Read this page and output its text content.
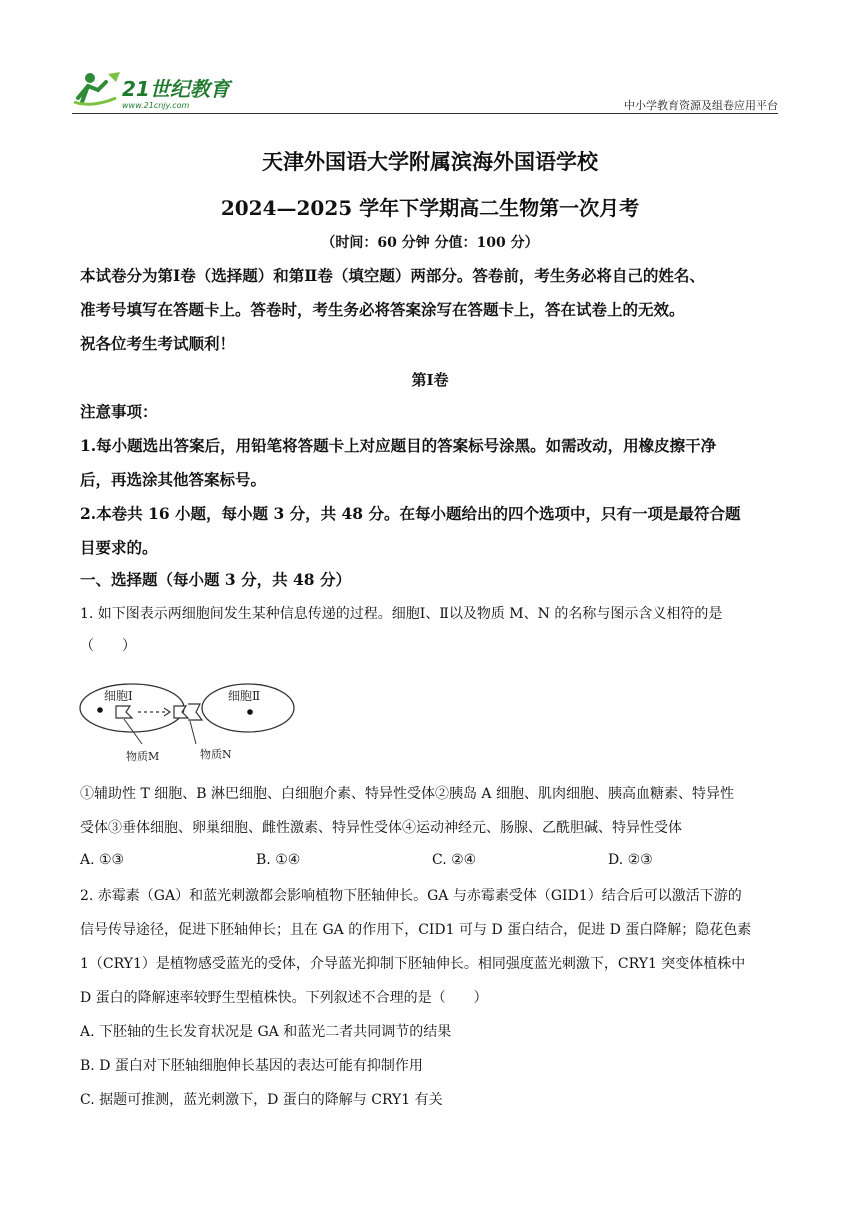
21世纪教育
www.21cnjy.com	中小学教育资源及组卷应用平台
天津外国语大学附属滨海外国语学校
2024—2025 学年下学期高二生物第一次月考
（时间：60 分钟 分值：100 分）
本试卷分为第Ⅰ卷（选择题）和第Ⅱ卷（填空题）两部分。答卷前，考生务必将自己的姓名、
准考号填写在答题卡上。答卷时，考生务必将答案涂写在答题卡上，答在试卷上的无效。
祝各位考生考试顺利！
第Ⅰ卷
注意事项：
1.每小题选出答案后，用铅笔将答题卡上对应题目的答案标号涂黑。如需改动，用橡皮擦干净
后，再选涂其他答案标号。
2.本卷共 16 小题，每小题 3 分，共 48 分。在每小题给出的四个选项中，只有一项是最符合题
目要求的。
一、选择题（每小题 3 分，共 48 分）
1. 如下图表示两细胞间发生某种信息传递的过程。细胞Ⅰ、Ⅱ以及物质 M、N 的名称与图示含义相符的是
（　　）
细胞Ⅰ	细胞Ⅱ
物质M	物质N
①辅助性 T 细胞、B 淋巴细胞、白细胞介素、特异性受体②胰岛 A 细胞、肌肉细胞、胰高血糖素、特异性
受体③垂体细胞、卵巢细胞、雌性激素、特异性受体④运动神经元、肠腺、乙酰胆碱、特异性受体
A. ①③	B. ①④	C. ②④	D. ②③
2. 赤霉素（GA）和蓝光刺激都会影响植物下胚轴伸长。GA 与赤霉素受体（GID1）结合后可以激活下游的
信号传导途径，促进下胚轴伸长；且在 GA 的作用下，CID1 可与 D 蛋白结合，促进 D 蛋白降解；隐花色素
1（CRY1）是植物感受蓝光的受体，介导蓝光抑制下胚轴伸长。相同强度蓝光刺激下，CRY1 突变体植株中
D 蛋白的降解速率较野生型植株快。下列叙述不合理的是（　　）
A. 下胚轴的生长发育状况是 GA 和蓝光二者共同调节的结果
B. D 蛋白对下胚轴细胞伸长基因的表达可能有抑制作用
C. 据题可推测，蓝光刺激下，D 蛋白的降解与 CRY1 有关
